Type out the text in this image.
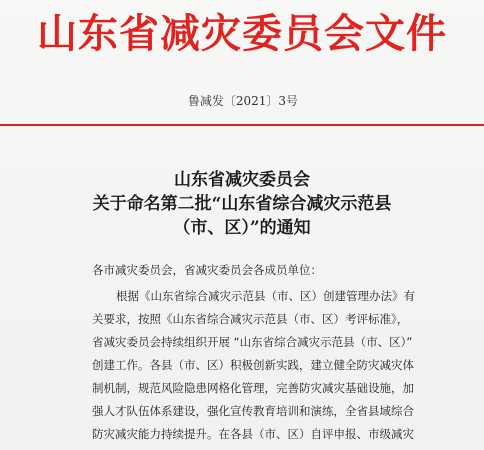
山东省减灾委员会文件
鲁减发〔2021〕3号
山东省减灾委员会
关于命名第二批“山东省综合减灾示范县
（市、区）”的通知
各市减灾委员会，省减灾委员会各成员单位：
根据《山东省综合减灾示范县（市、区）创建管理办法》有
关要求，按照《山东省综合减灾示范县（市、区）考评标准》，
省减灾委员会持续组织开展 “山东省综合减灾示范县（市、区）”
创建工作。各县（市、区）积极创新实践，建立健全防灾减灾体
制机制，规范风险隐患网格化管理，完善防灾减灾基础设施，加
强人才队伍体系建设，强化宣传教育培训和演练，全省县域综合
防灾减灾能力持续提升。在各县（市、区）自评申报、市级减灾
